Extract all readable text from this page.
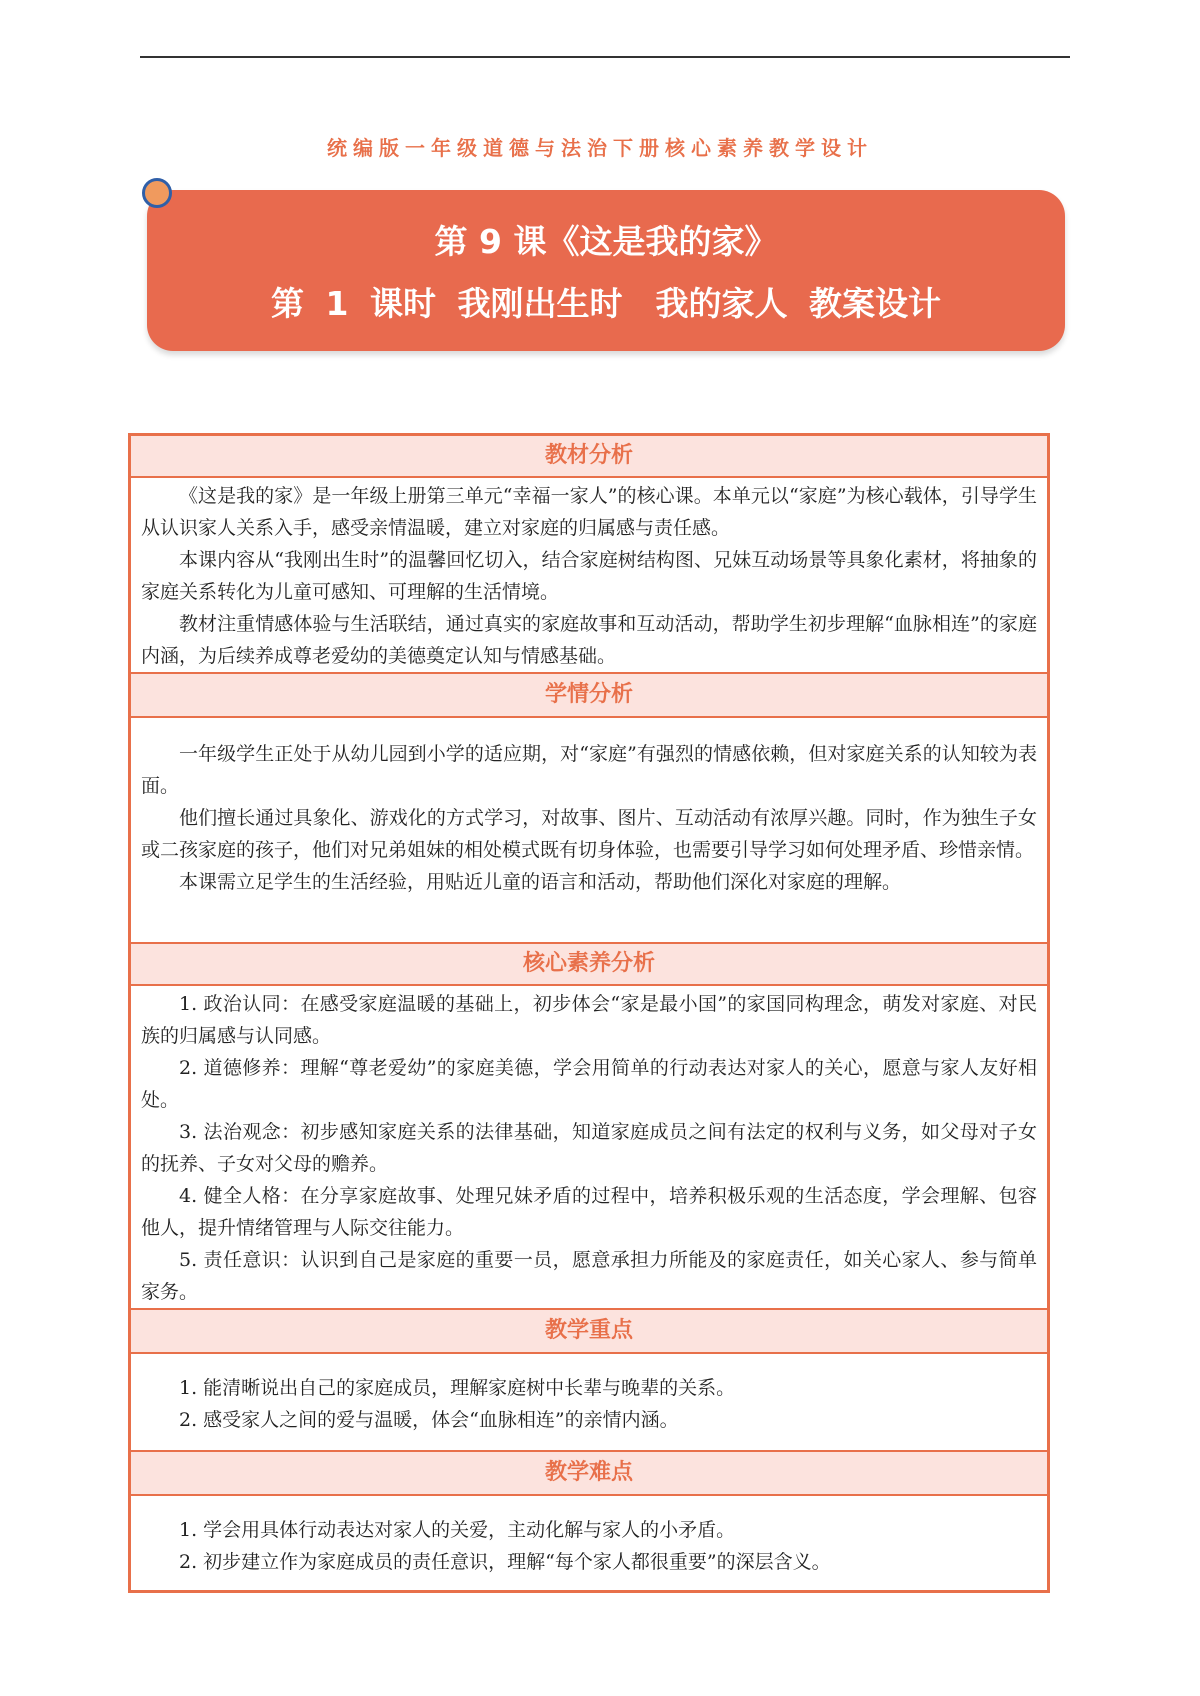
统编版一年级道德与法治下册核心素养教学设计
第 9 课《这是我的家》
第 1 课时 我刚出生时　我的家人 教案设计
教材分析

《这是我的家》是一年级上册第三单元“幸福一家人”的核心课。本单元以“家庭”为核心载体，引导学生从认识家人关系入手，感受亲情温暖，建立对家庭的归属感与责任感。

本课内容从“我刚出生时”的温馨回忆切入，结合家庭树结构图、兄妹互动场景等具象化素材，将抽象的家庭关系转化为儿童可感知、可理解的生活情境。

教材注重情感体验与生活联结，通过真实的家庭故事和互动活动，帮助学生初步理解“血脉相连”的家庭内涵，为后续养成尊老爱幼的美德奠定认知与情感基础。

学情分析

一年级学生正处于从幼儿园到小学的适应期，对“家庭”有强烈的情感依赖，但对家庭关系的认知较为表面。

他们擅长通过具象化、游戏化的方式学习，对故事、图片、互动活动有浓厚兴趣。同时，作为独生子女或二孩家庭的孩子，他们对兄弟姐妹的相处模式既有切身体验，也需要引导学习如何处理矛盾、珍惜亲情。

本课需立足学生的生活经验，用贴近儿童的语言和活动，帮助他们深化对家庭的理解。

核心素养分析

1. 政治认同：在感受家庭温暖的基础上，初步体会“家是最小国”的家国同构理念，萌发对家庭、对民族的归属感与认同感。

2. 道德修养：理解“尊老爱幼”的家庭美德，学会用简单的行动表达对家人的关心，愿意与家人友好相处。

3. 法治观念：初步感知家庭关系的法律基础，知道家庭成员之间有法定的权利与义务，如父母对子女的抚养、子女对父母的赡养。

4. 健全人格：在分享家庭故事、处理兄妹矛盾的过程中，培养积极乐观的生活态度，学会理解、包容他人，提升情绪管理与人际交往能力。

5. 责任意识：认识到自己是家庭的重要一员，愿意承担力所能及的家庭责任，如关心家人、参与简单家务。

教学重点

1. 能清晰说出自己的家庭成员，理解家庭树中长辈与晚辈的关系。

2. 感受家人之间的爱与温暖，体会“血脉相连”的亲情内涵。

教学难点

1. 学会用具体行动表达对家人的关爱，主动化解与家人的小矛盾。

2. 初步建立作为家庭成员的责任意识，理解“每个家人都很重要”的深层含义。
